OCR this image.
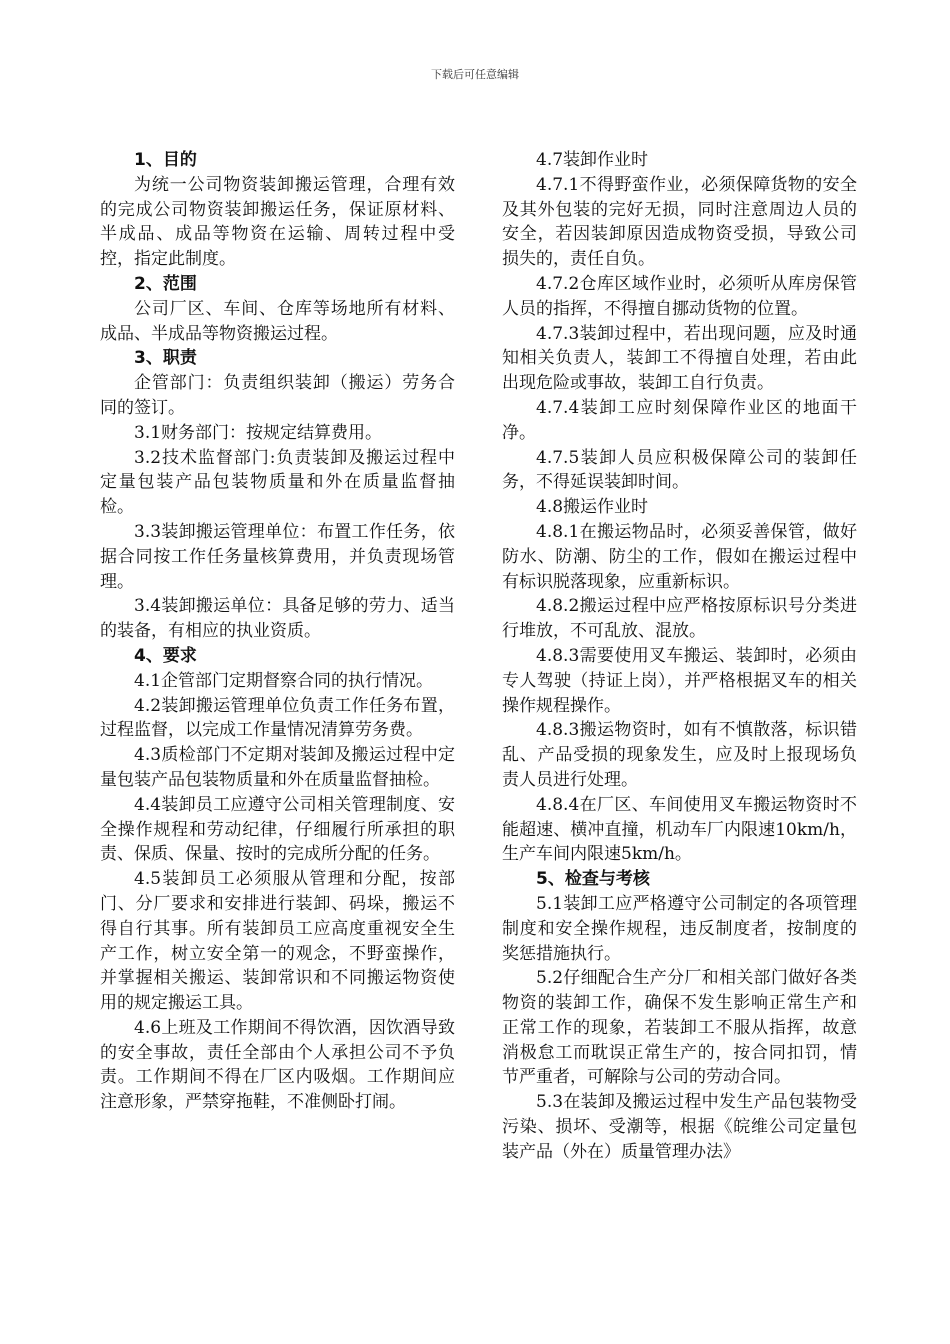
下载后可任意编辑

1、目的

为统一公司物资装卸搬运管理，合理有效的完成公司物资装卸搬运任务，保证原材料、半成品、成品等物资在运输、周转过程中受控，指定此制度。

2、范围

公司厂区、车间、仓库等场地所有材料、成品、半成品等物资搬运过程。

3、职责

企管部门：负责组织装卸（搬运）劳务合同的签订。

3.1财务部门：按规定结算费用。

3.2技术监督部门:负责装卸及搬运过程中定量包装产品包装物质量和外在质量监督抽检。

3.3装卸搬运管理单位：布置工作任务，依据合同按工作任务量核算费用，并负责现场管理。

3.4装卸搬运单位：具备足够的劳力、适当的装备，有相应的执业资质。

4、要求

4.1企管部门定期督察合同的执行情况。

4.2装卸搬运管理单位负责工作任务布置，过程监督，以完成工作量情况清算劳务费。

4.3质检部门不定期对装卸及搬运过程中定量包装产品包装物质量和外在质量监督抽检。

4.4装卸员工应遵守公司相关管理制度、安全操作规程和劳动纪律，仔细履行所承担的职责、保质、保量、按时的完成所分配的任务。

4.5装卸员工必须服从管理和分配，按部门、分厂要求和安排进行装卸、码垛，搬运不得自行其事。所有装卸员工应高度重视安全生产工作，树立安全第一的观念，不野蛮操作，并掌握相关搬运、装卸常识和不同搬运物资使用的规定搬运工具。

4.6上班及工作期间不得饮酒，因饮酒导致的安全事故，责任全部由个人承担公司不予负责。工作期间不得在厂区内吸烟。工作期间应注意形象，严禁穿拖鞋，不准侧卧打闹。

4.7装卸作业时

4.7.1不得野蛮作业，必须保障货物的安全及其外包装的完好无损，同时注意周边人员的安全，若因装卸原因造成物资受损，导致公司损失的，责任自负。

4.7.2仓库区域作业时，必须听从库房保管人员的指挥，不得擅自挪动货物的位置。

4.7.3装卸过程中，若出现问题，应及时通知相关负责人，装卸工不得擅自处理，若由此出现危险或事故，装卸工自行负责。

4.7.4装卸工应时刻保障作业区的地面干净。

4.7.5装卸人员应积极保障公司的装卸任务，不得延误装卸时间。

4.8搬运作业时

4.8.1在搬运物品时，必须妥善保管，做好防水、防潮、防尘的工作，假如在搬运过程中有标识脱落现象，应重新标识。

4.8.2搬运过程中应严格按原标识号分类进行堆放，不可乱放、混放。

4.8.3需要使用叉车搬运、装卸时，必须由专人驾驶（持证上岗），并严格根据叉车的相关操作规程操作。

4.8.3搬运物资时，如有不慎散落，标识错乱、产品受损的现象发生，应及时上报现场负责人员进行处理。

4.8.4在厂区、车间使用叉车搬运物资时不能超速、横冲直撞，机动车厂内限速10km/h，生产车间内限速5km/h。

5、检查与考核

5.1装卸工应严格遵守公司制定的各项管理制度和安全操作规程，违反制度者，按制度的奖惩措施执行。

5.2仔细配合生产分厂和相关部门做好各类物资的装卸工作，确保不发生影响正常生产和正常工作的现象，若装卸工不服从指挥，故意消极怠工而耽误正常生产的，按合同扣罚，情节严重者，可解除与公司的劳动合同。

5.3在装卸及搬运过程中发生产品包装物受污染、损坏、受潮等，根据《皖维公司定量包装产品（外在）质量管理办法》
